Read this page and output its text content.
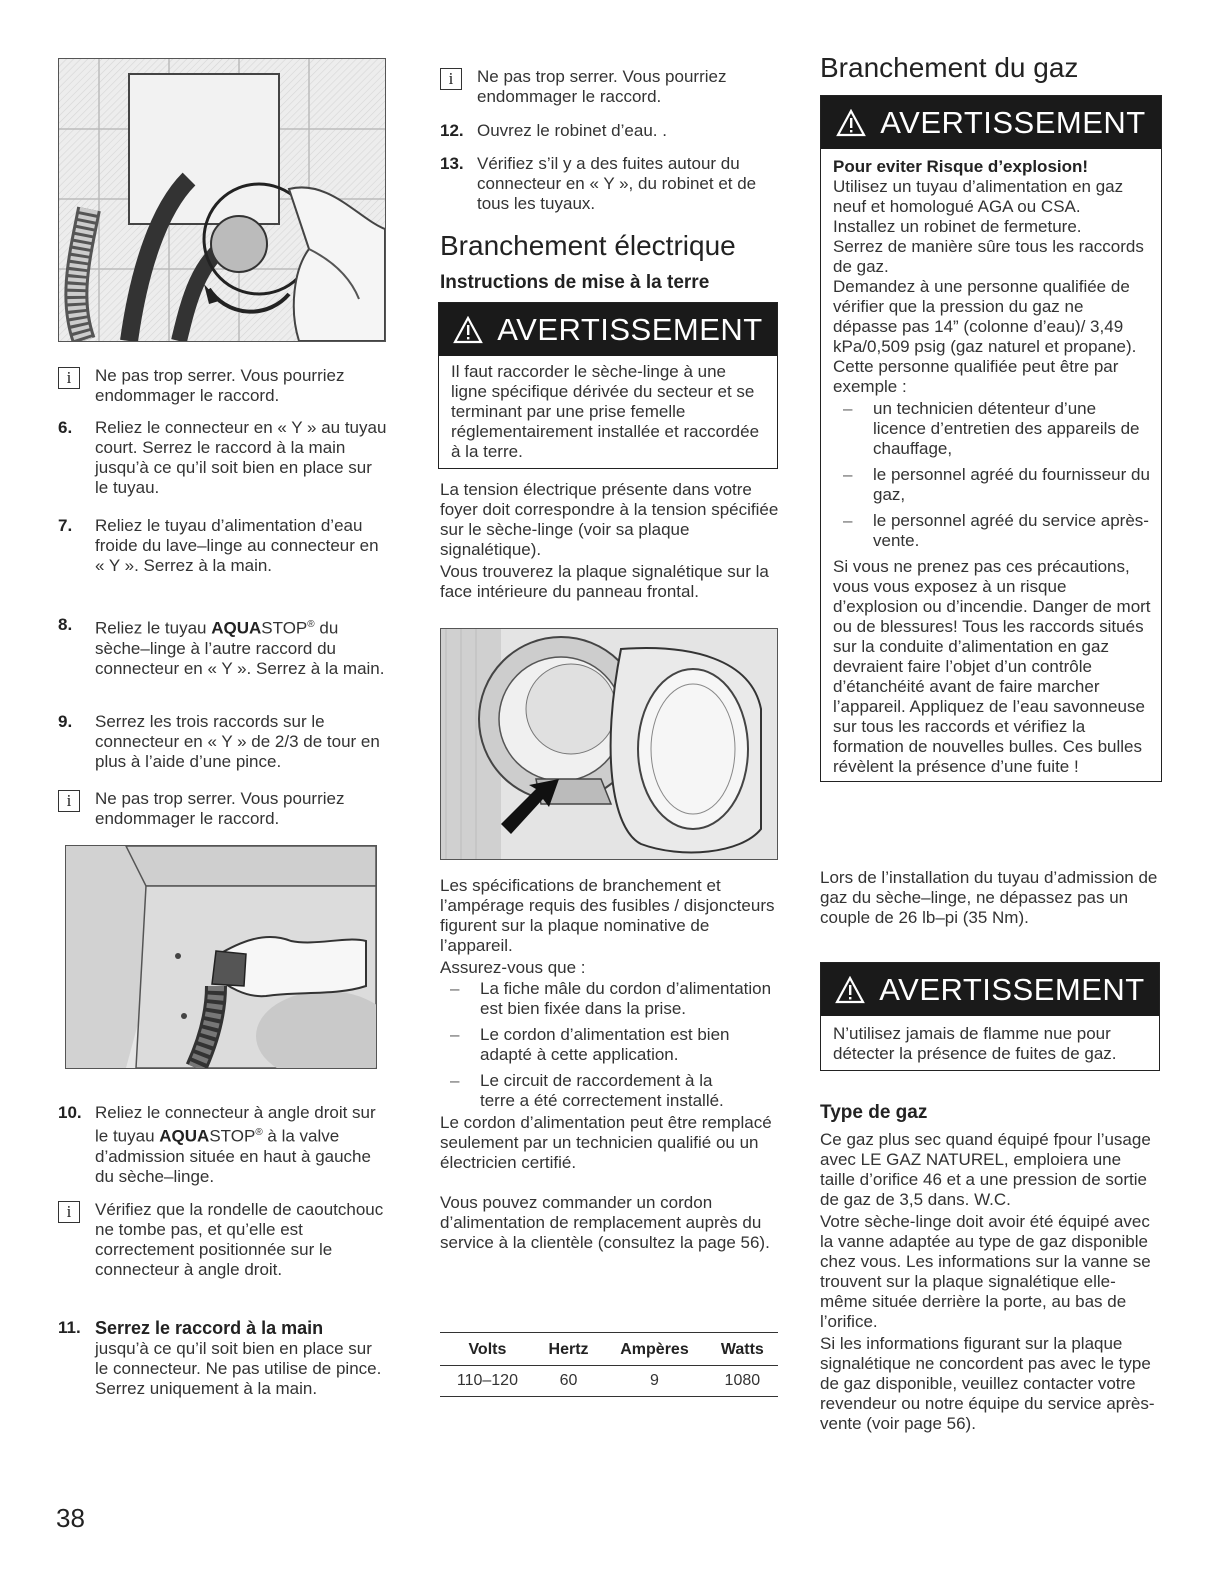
i	Ne pas trop serrer. Vous pourriez endommager le raccord.

6. Reliez le connecteur en « Y » au tuyau court. Serrez le raccord à la main jusqu’à ce qu’il soit bien en place sur le tuyau.

7. Reliez le tuyau d’alimentation d’eau froide du lave–linge au connecteur en « Y ». Serrez à la main.

8. Reliez le tuyau AQUASTOP® du sèche–linge à l’autre raccord du connecteur en « Y ». Serrez à la main.

9. Serrez les trois raccords sur le connecteur en « Y » de 2/3 de tour en plus à l’aide d’une pince.

i	Ne pas trop serrer. Vous pourriez endommager le raccord.

10. Reliez le connecteur à angle droit sur le tuyau AQUASTOP® à la valve d’admission située en haut à gauche du sèche–linge.

i	Vérifiez que la rondelle de caoutchouc ne tombe pas, et qu’elle est correctement positionnée sur le connecteur à angle droit.

11. Serrez le raccord à la main
jusqu’à ce qu’il soit bien en place sur le connecteur. Ne pas utilise de pince. Serrez uniquement à la main.

38
i	Ne pas trop serrer. Vous pourriez endommager le raccord.

12. Ouvrez le robinet d’eau. .

13. Vérifiez s’il y a des fuites autour du connecteur en « Y », du robinet et de tous les tuyaux.

Branchement électrique
Instructions de mise à la terre
AVERTISSEMENT

Il faut raccorder le sèche-linge à une ligne spécifique dérivée du secteur et se terminant par une prise femelle réglementairement installée et raccordée à la terre.

La tension électrique présente dans votre foyer doit correspondre à la tension spécifiée sur le sèche-linge (voir sa plaque signalétique).

Vous trouverez la plaque signalétique sur la face intérieure du panneau frontal.

Les spécifications de branchement et l’ampérage requis des fusibles / disjoncteurs figurent sur la plaque nominative de l’appareil.

Assurez-vous que :

– La fiche mâle du cordon d’alimentation est bien fixée dans la prise.

– Le cordon d’alimentation est bien adapté à cette application.

– Le circuit de raccordement à la terre a été correctement installé.

Le cordon d’alimentation peut être remplacé seulement par un technicien qualifié ou un électricien certifié.

Vous pouvez commander un cordon d’alimentation de remplacement auprès du service à la clientèle (consultez la page 56).

Volts	Hertz	Ampères	Watts
110–120	60	9	1080
Branchement du gaz
AVERTISSEMENT

Pour eviter Risque d’explosion!

Utilisez un tuyau d’alimentation en gaz neuf et homologué AGA ou CSA.

Installez un robinet de fermeture.

Serrez de manière sûre tous les raccords de gaz.

Demandez à une personne qualifiée de vérifier que la pression du gaz ne dépasse pas 14” (colonne d’eau)/ 3,49 kPa/0,509 psig (gaz naturel et propane).

Cette personne qualifiée peut être par exemple :

– un technicien détenteur d’une licence d’entretien des appareils de chauffage,

– le personnel agréé du fournisseur du gaz,

– le personnel agréé du service après-vente.

Si vous ne prenez pas ces précautions, vous vous exposez à un risque d’explosion ou d’incendie. Danger de mort ou de blessures! Tous les raccords situés sur la conduite d’alimentation en gaz devraient faire l’objet d’un contrôle d’étanchéité avant de faire marcher l’appareil. Appliquez de l’eau savonneuse sur tous les raccords et vérifiez la formation de nouvelles bulles. Ces bulles révèlent la présence d’une fuite !

Lors de l’installation du tuyau d’admission de gaz du sèche–linge, ne dépassez pas un couple de 26 lb–pi (35 Nm).

AVERTISSEMENT

N’utilisez jamais de flamme nue pour détecter la présence de fuites de gaz.

Type de gaz

Ce gaz plus sec quand équipé fpour l’usage avec LE GAZ NATUREL, emploiera une taille d’orifice 46 et a une pression de sortie de gaz de 3,5 dans. W.C.

Votre sèche-linge doit avoir été équipé avec la vanne adaptée au type de gaz disponible chez vous. Les informations sur la vanne se trouvent sur la plaque signalétique elle-même située derrière la porte, au bas de l’orifice.

Si les informations figurant sur la plaque signalétique ne concordent pas avec le type de gaz disponible, veuillez contacter votre revendeur ou notre équipe du service après-vente (voir page 56).
